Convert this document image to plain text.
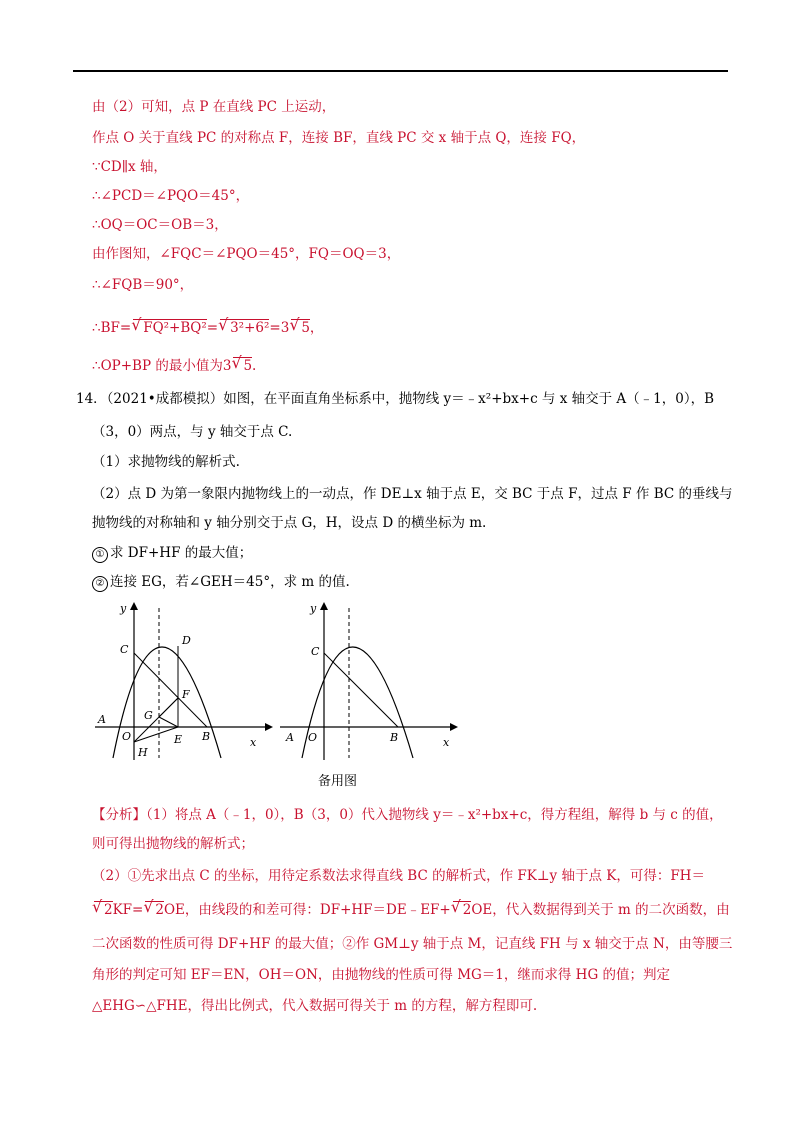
由（2）可知，点 P 在直线 PC 上运动，
作点 O 关于直线 PC 的对称点 F，连接 BF，直线 PC 交 x 轴于点 Q，连接 FQ，
∵CD∥x 轴，
∴∠PCD＝∠PQO＝45°，
∴OQ＝OC＝OB＝3，
由作图知，∠FQC＝∠PQO＝45°，FQ＝OQ＝3，
∴∠FQB＝90°，
∴BF= √ FQ²+BQ²= √ 3²+6²=3 √ 5，
∴OP+BP 的最小值为3 √ 5.
14．（2021•成都模拟）如图，在平面直角坐标系中，抛物线 y＝﹣x²+bx+c 与 x 轴交于 A（﹣1，0），B
（3，0）两点，与 y 轴交于点 C.
（1）求抛物线的解析式.
（2）点 D 为第一象限内抛物线上的一动点，作 DE⊥x 轴于点 E，交 BC 于点 F，过点 F 作 BC 的垂线与
抛物线的对称轴和 y 轴分别交于点 G，H，设点 D 的横坐标为 m.
① 求 DF+HF 的最大值；
② 连接 EG，若∠GEH＝45°，求 m 的值.
y
C
D
F
G
A
O	E B	x
H
y
C
A O	B	x
备用图
【分析】（1）将点 A（﹣1，0），B（3，0）代入抛物线 y＝﹣x²+bx+c，得方程组，解得 b 与 c 的值，
则可得出抛物线的解析式；
（2）①先求出点 C 的坐标，用待定系数法求得直线 BC 的解析式，作 FK⊥y 轴于点 K，可得：FH＝
√ 2KF= √ 2OE，由线段的和差可得：DF+HF＝DE﹣EF+ √ 2OE，代入数据得到关于 m 的二次函数，由
二次函数的性质可得 DF+HF 的最大值；②作 GM⊥y 轴于点 M，记直线 FH 与 x 轴交于点 N，由等腰三
角形的判定可知 EF＝EN，OH＝ON，由抛物线的性质可得 MG＝1，继而求得 HG 的值；判定
△EHG∽△FHE，得出比例式，代入数据可得关于 m 的方程，解方程即可.
